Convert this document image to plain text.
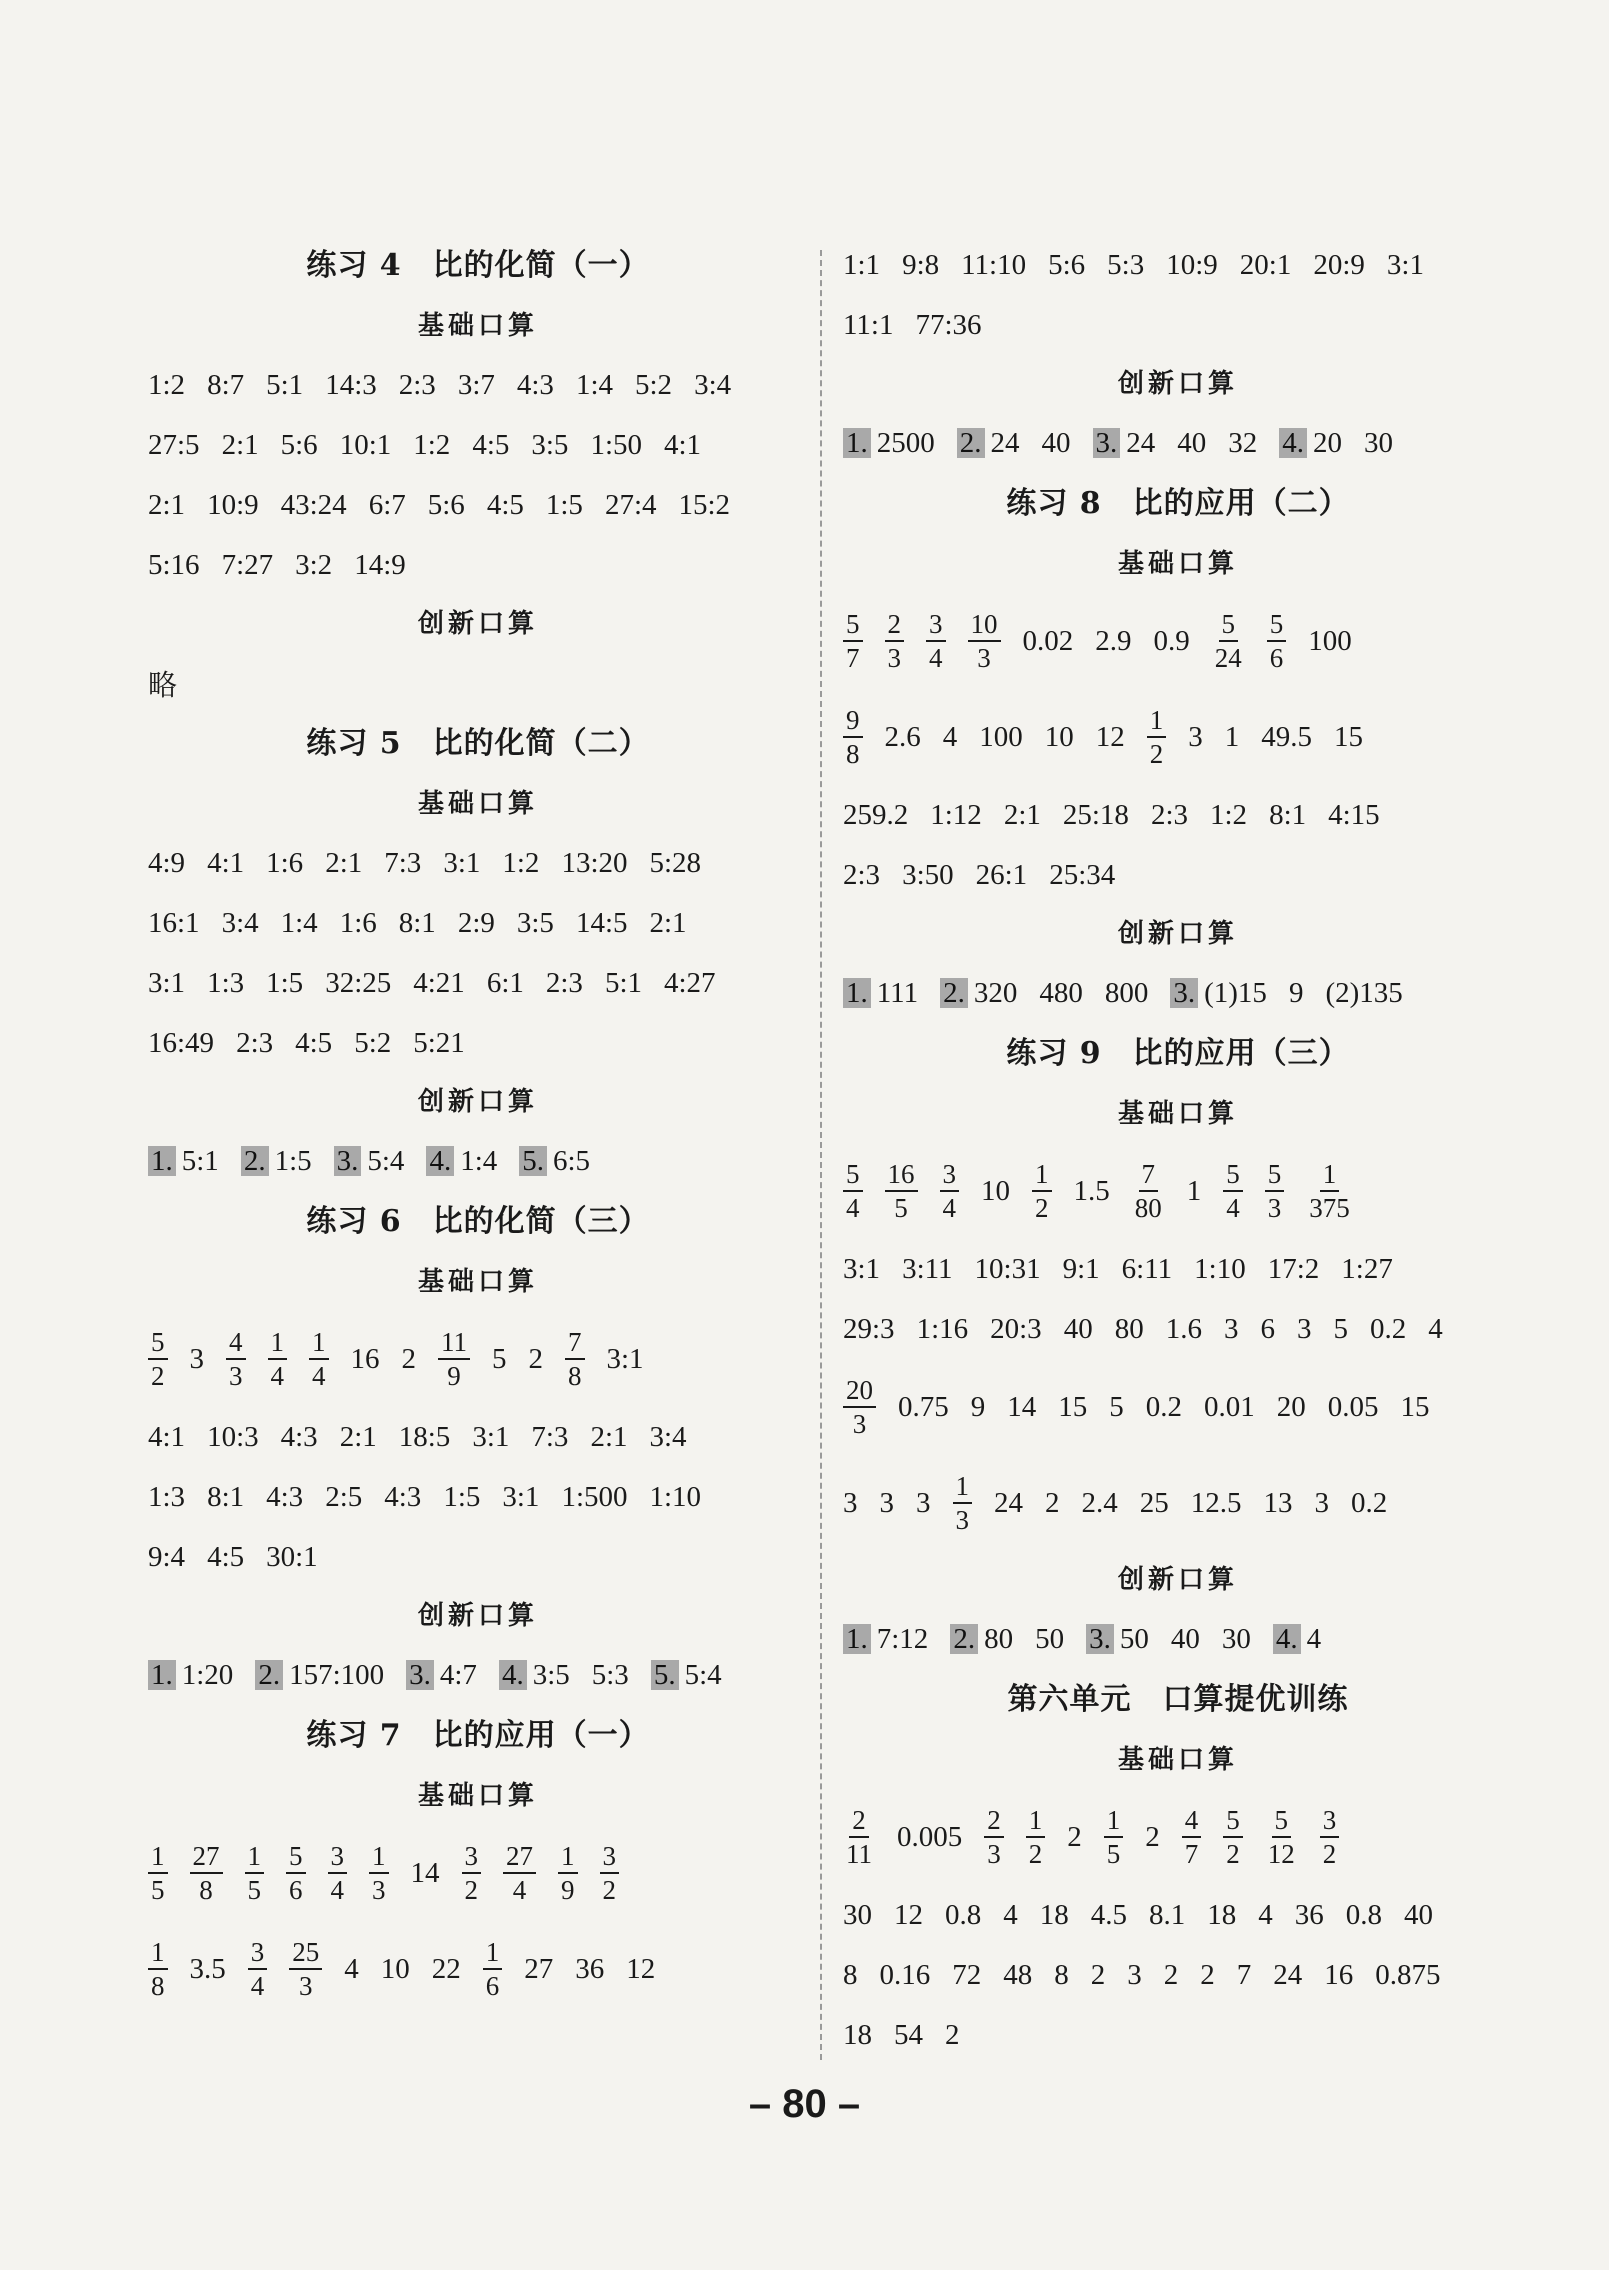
练习 4　比的化简（一）
基础口算
1:2 8:7 5:1 14:3 2:3 3:7 4:3 1:4 5:2 3:4
27:5 2:1 5:6 10:1 1:2 4:5 3:5 1:50 4:1
2:1 10:9 43:24 6:7 5:6 4:5 1:5 27:4 15:2
5:16 7:27 3:2 14:9
创新口算
略
练习 5　比的化简（二）
基础口算
4:9 4:1 1:6 2:1 7:3 3:1 1:2 13:20 5:28
16:1 3:4 1:4 1:6 8:1 2:9 3:5 14:5 2:1
3:1 1:3 1:5 32:25 4:21 6:1 2:3 5:1 4:27
16:49 2:3 4:5 5:2 5:21
创新口算
1. 5:1 2. 1:5 3. 5:4 4. 1:4 5. 6:5
练习 6　比的化简（三）
基础口算
$\frac{5}{2} 3 \frac{4}{3} \frac{1}{4} \frac{1}{4} 16$ $2 \frac{11}{9} 5$ $2 \frac{7}{8}$ 3:1
4:1 10:3 4:3 2:1 18:5 3:1 7:3 2:1 3:4
1:3 8:1 4:3 2:5 4:3 1:5 3:1 1:500 1:10
9:4 4:5 30:1
创新口算
1. 1:20 2. 157:100 3. 4:7 4. 3:5 5:3 5. 5:4
练习 7　比的应用（一）
基础口算
$\frac{1}{5} \frac{27}{8} \frac{1}{5} \frac{5}{6} \frac{3}{4} \frac{1}{3} 14 \frac{3}{2} \frac{27}{4} \frac{1}{9} \frac{3}{2}$
$\frac{1}{8} 3.5 \frac{3}{4} \frac{25}{3} 4$ 10 $22 \frac{1}{6} 27$ 36 12
1:1 9:8 11:10 5:6 5:3 10:9 20:1 20:9 3:1
11:1 77:36
创新口算
1. 2500 2. 24 40 3. 24 40 32 4. 20 30
练习 8　比的应用（二）
基础口算
$\frac{5}{7} \frac{2}{3} \frac{3}{4} \frac{10}{3} 0.02$ 2.9 $0.9 \frac{5}{24} \frac{5}{6} 100$
$\frac{9}{8} 2.6$ 4 100 10 $12 \frac{1}{2} 3$ 1 49.5 15
259.2 1:12 2:1 25:18 2:3 1:2 8:1 4:15
2:3 3:50 26:1 25:34
创新口算
1. 111 2. 320 480 800 3. (1)15 9 (2)135
练习 9　比的应用（三）
基础口算
$\frac{5}{4} \frac{16}{5} \frac{3}{4} 10 \frac{1}{2} 1.5 \frac{7}{80} 1 \frac{5}{4} \frac{5}{3} \frac{1}{375}$
3:1 3:11 10:31 9:1 6:11 1:10 17:2 1:27
29:3 1:16 20:3 40 80 1.6 3 6 3 5 0.2 4
$\frac{20}{3} 0.75$ 9 14 15 5 0.2 0.01 20 0.05 15
3 3 $3 \frac{1}{3} 24$ 2 2.4 25 12.5 13 3 0.2
创新口算
1. 7:12 2. 80 50 3. 50 40 30 4. 4
第六单元　口算提优训练
基础口算
$\frac{2}{11} 0.005 \frac{2}{3} \frac{1}{2} 2 \frac{1}{5} 2 \frac{4}{7} \frac{5}{2} \frac{5}{12} \frac{3}{2}$
30 12 0.8 4 18 4.5 8.1 18 4 36 0.8 40
8 0.16 72 48 8 2 3 2 2 7 24 16 0.875
18 54 2
– 80 –
